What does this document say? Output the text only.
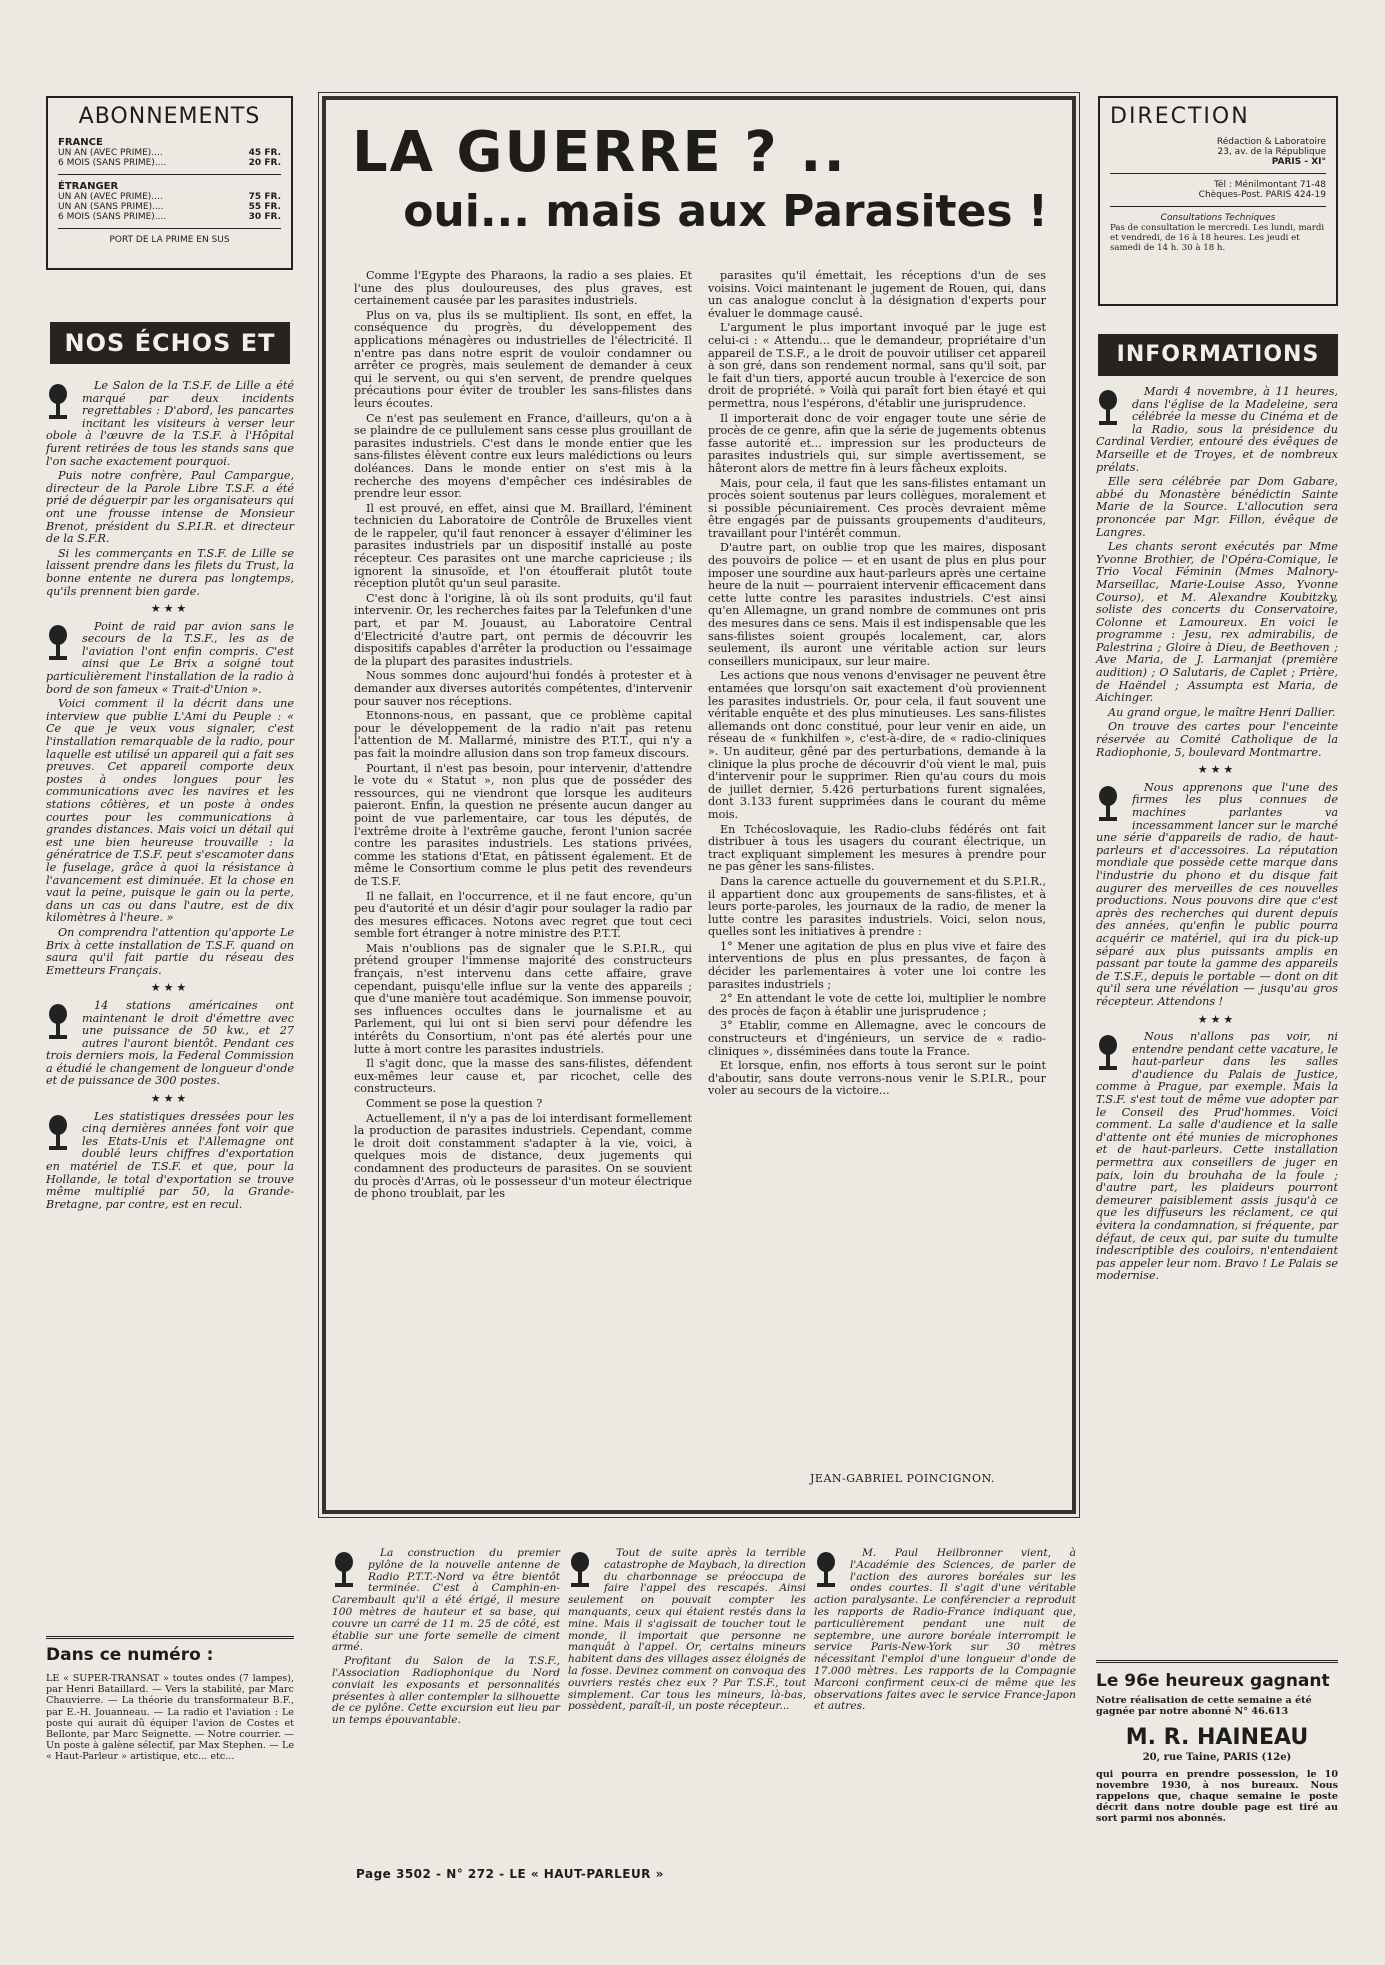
ABONNEMENTS
FRANCE
UN AN (AVEC PRIME)....	45 FR.
6 MOIS (SANS PRIME)....	20 FR.
ÉTRANGER
UN AN (AVEC PRIME)....	75 FR.
UN AN (SANS PRIME)....	55 FR.
6 MOIS (SANS PRIME)....	30 FR.
PORT DE LA PRIME EN SUS
NOS ÉCHOS ET

Le Salon de la T.S.F. de Lille a été marqué par deux incidents regrettables : D'abord, les pancartes incitant les visiteurs à verser leur obole à l'œuvre de la T.S.F. à l'Hôpital furent retirées de tous les stands sans que l'on sache exactement pourquoi.

Puis notre confrère, Paul Campargue, directeur de la Parole Libre T.S.F. a été prié de déguerpir par les organisateurs qui ont une frousse intense de Monsieur Brenot, président du S.P.I.R. et directeur de la S.F.R.

Si les commerçants en T.S.F. de Lille se laissent prendre dans les filets du Trust, la bonne entente ne durera pas longtemps, qu'ils prennent bien garde.

★★★

Point de raid par avion sans le secours de la T.S.F., les as de l'aviation l'ont enfin compris. C'est ainsi que Le Brix a soigné tout particulièrement l'installation de la radio à bord de son fameux « Trait-d'Union ».

Voici comment il la décrit dans une interview que publie L'Ami du Peuple : « Ce que je veux vous signaler, c'est l'installation remarquable de la radio, pour laquelle est utilisé un appareil qui a fait ses preuves. Cet appareil comporte deux postes à ondes longues pour les communications avec les navires et les stations côtières, et un poste à ondes courtes pour les communications à grandes distances. Mais voici un détail qui est une bien heureuse trouvaille : la génératrice de T.S.F. peut s'escamoter dans le fuselage, grâce à quoi la résistance à l'avancement est diminuée. Et la chose en vaut la peine, puisque le gain ou la perte, dans un cas ou dans l'autre, est de dix kilomètres à l'heure. »

On comprendra l'attention qu'apporte Le Brix à cette installation de T.S.F. quand on saura qu'il fait partie du réseau des Emetteurs Français.

★★★

14 stations américaines ont maintenant le droit d'émettre avec une puissance de 50 kw., et 27 autres l'auront bientôt. Pendant ces trois derniers mois, la Federal Commission a étudié le changement de longueur d'onde et de puissance de 300 postes.

★★★

Les statistiques dressées pour les cinq dernières années font voir que les Etats-Unis et l'Allemagne ont doublé leurs chiffres d'exportation en matériel de T.S.F. et que, pour la Hollande, le total d'exportation se trouve même multiplié par 50, la Grande-Bretagne, par contre, est en recul.

Dans ce numéro :
LE « SUPER-TRANSAT » toutes ondes (7 lampes), par Henri Bataillard. — Vers la stabilité, par Marc Chauvierre. — La théorie du transformateur B.F., par E.-H. Jouanneau. — La radio et l'aviation : Le poste qui aurait dû équiper l'avion de Costes et Bellonte, par Marc Seignette. — Notre courrier. — Un poste à galène sélectif, par Max Stephen. — Le « Haut-Parleur » artistique, etc... etc...
LA GUERRE ? ..
oui... mais aux Parasites !

Comme l'Egypte des Pharaons, la radio a ses plaies. Et l'une des plus douloureuses, des plus graves, est certainement causée par les parasites industriels.

Plus on va, plus ils se multiplient. Ils sont, en effet, la conséquence du progrès, du développement des applications ménagères ou industrielles de l'électricité. Il n'entre pas dans notre esprit de vouloir condamner ou arrêter ce progrès, mais seulement de demander à ceux qui le servent, ou qui s'en servent, de prendre quelques précautions pour éviter de troubler les sans-filistes dans leurs écoutes.

Ce n'est pas seulement en France, d'ailleurs, qu'on a à se plaindre de ce pullulement sans cesse plus grouillant de parasites industriels. C'est dans le monde entier que les sans-filistes élèvent contre eux leurs malédictions ou leurs doléances. Dans le monde entier on s'est mis à la recherche des moyens d'empêcher ces indésirables de prendre leur essor.

Il est prouvé, en effet, ainsi que M. Braillard, l'éminent technicien du Laboratoire de Contrôle de Bruxelles vient de le rappeler, qu'il faut renoncer à essayer d'éliminer les parasites industriels par un dispositif installé au poste récepteur. Ces parasites ont une marche capricieuse ; ils ignorent la sinusoïde, et l'on étoufferait plutôt toute réception plutôt qu'un seul parasite.

C'est donc à l'origine, là où ils sont produits, qu'il faut intervenir. Or, les recherches faites par la Telefunken d'une part, et par M. Jouaust, au Laboratoire Central d'Electricité d'autre part, ont permis de découvrir les dispositifs capables d'arrêter la production ou l'essaimage de la plupart des parasites industriels.

Nous sommes donc aujourd'hui fondés à protester et à demander aux diverses autorités compétentes, d'intervenir pour sauver nos réceptions.

Etonnons-nous, en passant, que ce problème capital pour le développement de la radio n'ait pas retenu l'attention de M. Mallarmé, ministre des P.T.T., qui n'y a pas fait la moindre allusion dans son trop fameux discours.

Pourtant, il n'est pas besoin, pour intervenir, d'attendre le vote du « Statut », non plus que de posséder des ressources, qui ne viendront que lorsque les auditeurs paieront. Enfin, la question ne présente aucun danger au point de vue parlementaire, car tous les députés, de l'extrême droite à l'extrême gauche, feront l'union sacrée contre les parasites industriels. Les stations privées, comme les stations d'Etat, en pâtissent également. Et de même le Consortium comme le plus petit des revendeurs de T.S.F.

Il ne fallait, en l'occurrence, et il ne faut encore, qu'un peu d'autorité et un désir d'agir pour soulager la radio par des mesures efficaces. Notons avec regret que tout ceci semble fort étranger à notre ministre des P.T.T.

Mais n'oublions pas de signaler que le S.P.I.R., qui prétend grouper l'immense majorité des constructeurs français, n'est intervenu dans cette affaire, grave cependant, puisqu'elle influe sur la vente des appareils ; que d'une manière tout académique. Son immense pouvoir, ses influences occultes dans le journalisme et au Parlement, qui lui ont si bien servi pour défendre les intérêts du Consortium, n'ont pas été alertés pour une lutte à mort contre les parasites industriels.

Il s'agit donc, que la masse des sans-filistes, défendent eux-mêmes leur cause et, par ricochet, celle des constructeurs.

Comment se pose la question ?

Actuellement, il n'y a pas de loi interdisant formellement la production de parasites industriels. Cependant, comme le droit doit constamment s'adapter à la vie, voici, à quelques mois de distance, deux jugements qui condamnent des producteurs de parasites. On se souvient du procès d'Arras, où le possesseur d'un moteur électrique de phono troublait, par les

parasites qu'il émettait, les réceptions d'un de ses voisins. Voici maintenant le jugement de Rouen, qui, dans un cas analogue conclut à la désignation d'experts pour évaluer le dommage causé.

L'argument le plus important invoqué par le juge est celui-ci : « Attendu... que le demandeur, propriétaire d'un appareil de T.S.F., a le droit de pouvoir utiliser cet appareil à son gré, dans son rendement normal, sans qu'il soit, par le fait d'un tiers, apporté aucun trouble à l'exercice de son droit de propriété. » Voilà qui paraît fort bien étayé et qui permettra, nous l'espérons, d'établir une jurisprudence.

Il importerait donc de voir engager toute une série de procès de ce genre, afin que la série de jugements obtenus fasse autorité et... impression sur les producteurs de parasites industriels qui, sur simple avertissement, se hâteront alors de mettre fin à leurs fâcheux exploits.

Mais, pour cela, il faut que les sans-filistes entamant un procès soient soutenus par leurs collègues, moralement et si possible pécuniairement. Ces procès devraient même être engagés par de puissants groupements d'auditeurs, travaillant pour l'intérêt commun.

D'autre part, on oublie trop que les maires, disposant des pouvoirs de police — et en usant de plus en plus pour imposer une sourdine aux haut-parleurs après une certaine heure de la nuit — pourraient intervenir efficacement dans cette lutte contre les parasites industriels. C'est ainsi qu'en Allemagne, un grand nombre de communes ont pris des mesures dans ce sens. Mais il est indispensable que les sans-filistes soient groupés localement, car, alors seulement, ils auront une véritable action sur leurs conseillers municipaux, sur leur maire.

Les actions que nous venons d'envisager ne peuvent être entamées que lorsqu'on sait exactement d'où proviennent les parasites industriels. Or, pour cela, il faut souvent une véritable enquête et des plus minutieuses. Les sans-filistes allemands ont donc constitué, pour leur venir en aide, un réseau de « funkhilfen », c'est-à-dire, de « radio-cliniques ». Un auditeur, gêné par des perturbations, demande à la clinique la plus proche de découvrir d'où vient le mal, puis d'intervenir pour le supprimer. Rien qu'au cours du mois de juillet dernier, 5.426 perturbations furent signalées, dont 3.133 furent supprimées dans le courant du même mois.

En Tchécoslovaquie, les Radio-clubs fédérés ont fait distribuer à tous les usagers du courant électrique, un tract expliquant simplement les mesures à prendre pour ne pas gêner les sans-filistes.

Dans la carence actuelle du gouvernement et du S.P.I.R., il appartient donc aux groupements de sans-filistes, et à leurs porte-paroles, les journaux de la radio, de mener la lutte contre les parasites industriels. Voici, selon nous, quelles sont les initiatives à prendre :

1° Mener une agitation de plus en plus vive et faire des interventions de plus en plus pressantes, de façon à décider les parlementaires à voter une loi contre les parasites industriels ;

2° En attendant le vote de cette loi, multiplier le nombre des procès de façon à établir une jurisprudence ;

3° Etablir, comme en Allemagne, avec le concours de constructeurs et d'ingénieurs, un service de « radio-cliniques », disséminées dans toute la France.

Et lorsque, enfin, nos efforts à tous seront sur le point d'aboutir, sans doute verrons-nous venir le S.P.I.R., pour voler au secours de la victoire...

JEAN-GABRIEL POINCIGNON.

La construction du premier pylône de la nouvelle antenne de Radio P.T.T.-Nord va être bientôt terminée. C'est à Camphin-en-Carembault qu'il a été érigé, il mesure 100 mètres de hauteur et sa base, qui couvre un carré de 11 m. 25 de côté, est établie sur une forte semelle de ciment armé.

Profitant du Salon de la T.S.F., l'Association Radiophonique du Nord conviait les exposants et personnalités présentes à aller contempler la silhouette de ce pylône. Cette excursion eut lieu par un temps épouvantable.

Tout de suite après la terrible catastrophe de Maybach, la direction du charbonnage se préoccupa de faire l'appel des rescapés. Ainsi seulement on pouvait compter les manquants, ceux qui étaient restés dans la mine. Mais il s'agissait de toucher tout le monde, il importait que personne ne manquât à l'appel. Or, certains mineurs habitent dans des villages assez éloignés de la fosse. Devinez comment on convoqua des ouvriers restés chez eux ? Par T.S.F., tout simplement. Car tous les mineurs, là-bas, possèdent, paraît-il, un poste récepteur...

M. Paul Heilbronner vient, à l'Académie des Sciences, de parler de l'action des aurores boréales sur les ondes courtes. Il s'agit d'une véritable action paralysante. Le conférencier a reproduit les rapports de Radio-France indiquant que, particulièrement pendant une nuit de septembre, une aurore boréale interrompit le service Paris-New-York sur 30 mètres nécessitant l'emploi d'une longueur d'onde de 17.000 mètres. Les rapports de la Compagnie Marconi confirment ceux-ci de même que les observations faites avec le service France-Japon et autres.

Page 3502 - N° 272 - LE « HAUT-PARLEUR »
DIRECTION
Rédaction & Laboratoire
23, av. de la République
PARIS - XI°
Tél : Ménilmontant 71-48
Chèques-Post. PARIS 424-19
Consultations Techniques
Pas de consultation le mercredi. Les lundi, mardi et vendredi, de 16 à 18 heures. Les jeudi et samedi de 14 h. 30 à 18 h.
INFORMATIONS

Mardi 4 novembre, à 11 heures, dans l'église de la Madeleine, sera célébrée la messe du Cinéma et de la Radio, sous la présidence du Cardinal Verdier, entouré des évêques de Marseille et de Troyes, et de nombreux prélats.

Elle sera célébrée par Dom Gabare, abbé du Monastère bénédictin Sainte Marie de la Source. L'allocution sera prononcée par Mgr. Fillon, évêque de Langres.

Les chants seront exécutés par Mme Yvonne Brothier, de l'Opéra-Comique, le Trio Vocal Féminin (Mmes Malnory-Marseillac, Marie-Louise Asso, Yvonne Courso), et M. Alexandre Koubitzky, soliste des concerts du Conservatoire, Colonne et Lamoureux. En voici le programme : Jesu, rex admirabilis, de Palestrina ; Gloire à Dieu, de Beethoven ; Ave Maria, de J. Larmanjat (première audition) ; O Salutaris, de Caplet ; Prière, de Haëndel ; Assumpta est Maria, de Aichinger.

Au grand orgue, le maître Henri Dallier.

On trouve des cartes pour l'enceinte réservée au Comité Catholique de la Radiophonie, 5, boulevard Montmartre.

★★★

Nous apprenons que l'une des firmes les plus connues de machines parlantes va incessamment lancer sur le marché une série d'appareils de radio, de haut-parleurs et d'accessoires. La réputation mondiale que possède cette marque dans l'industrie du phono et du disque fait augurer des merveilles de ces nouvelles productions. Nous pouvons dire que c'est après des recherches qui durent depuis des années, qu'enfin le public pourra acquérir ce matériel, qui ira du pick-up séparé aux plus puissants amplis en passant par toute la gamme des appareils de T.S.F., depuis le portable — dont on dit qu'il sera une révélation — jusqu'au gros récepteur. Attendons !

★★★

Nous n'allons pas voir, ni entendre pendant cette vacature, le haut-parleur dans les salles d'audience du Palais de Justice, comme à Prague, par exemple. Mais la T.S.F. s'est tout de même vue adopter par le Conseil des Prud'hommes. Voici comment. La salle d'audience et la salle d'attente ont été munies de microphones et de haut-parleurs. Cette installation permettra aux conseillers de juger en paix, loin du brouhaha de la foule ; d'autre part, les plaideurs pourront demeurer paisiblement assis jusqu'à ce que les diffuseurs les réclament, ce qui évitera la condamnation, si fréquente, par défaut, de ceux qui, par suite du tumulte indescriptible des couloirs, n'entendaient pas appeler leur nom. Bravo ! Le Palais se modernise.

Le 96e heureux gagnant
Notre réalisation de cette semaine a été gagnée par notre abonné N° 46.613
M. R. HAINEAU
20, rue Taine, PARIS (12e)
qui pourra en prendre possession, le 10 novembre 1930, à nos bureaux. Nous rappelons que, chaque semaine le poste décrit dans notre double page est tiré au sort parmi nos abonnés.
